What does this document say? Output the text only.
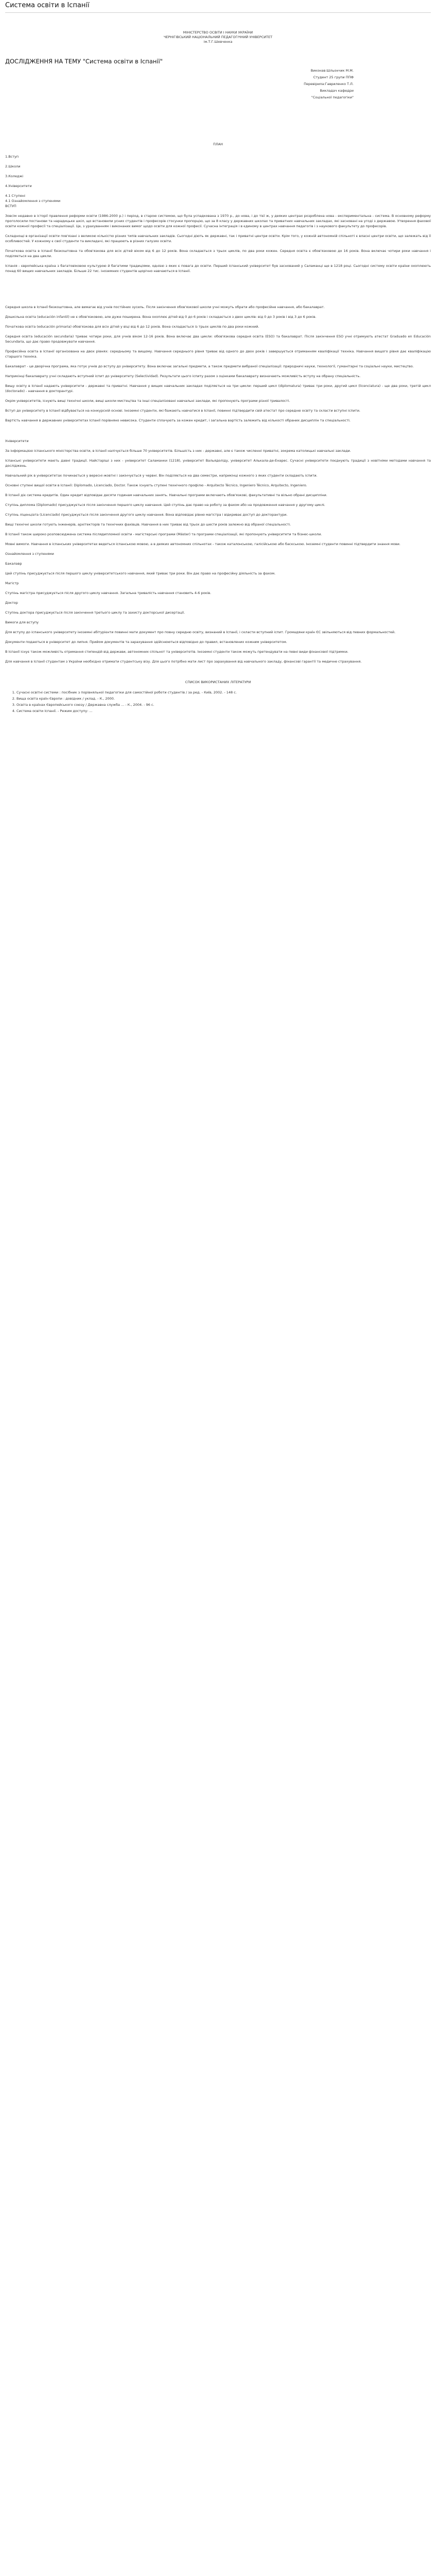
Система освіти в Іспанії
МІНІСТЕРСТВО ОСВІТИ І НАУКИ УКРАЇНИ
ЧЕРНІГІВСЬКИЙ НАЦІОНАЛЬНИЙ ПЕДАГОГІЧНИЙ УНІВЕРСИТЕТ
ім.Т.Г.Шевченка
ДОСЛІДЖЕННЯ НА ТЕМУ "Система освіти в Іспанії"
Виконав:Шльончик М.М.
Студент 25 групи ППФ
Перевірила:Гавриленко Т.Л.
Викладач кафедри
"Соціальної педагогіки"
ПЛАН
1.Вступ
2.Школи
3.Коледжі
4.Університети
4.1 Ступені
4.1 Ознайомлення з ступенями
ВСТУП

Зовсім недавно в історії правлення реформи освіти (1986-2000 р.) і період, в старою системою, що була успадкована з 1970 р., до нова, і до тієї ж, у деяких центрах розроблена нова - експериментальна - система. В основному реформу проголосили постанови та нарадицьке шкіл, що встановили усних студентів і професорів стосунки пропорцію, що за 8 класу у державних школах та приватних навчальних закладах, які засновані на угоді з державою. Утворення фахової освіти кожної професії та спеціалізації. Це, з урахуванням і виконаних вимог щодо освіти для кожної професії. Сучасна інтеграція і в єдиному в центрах навчання педагогів і з наукового факультету до професорів.

Складнощі в організації освіти пов'язані з великою кількістю різних типів навчальних закладів. Сьогодні діють як державні, так і приватні центри освіти. Крім того, у кожній автономній спільноті є власні центри освіти, що залежать від її особливостей. У кожному є свої студенти та викладачі, які працюють в різних галузях освіти.

Початкова освіта в Іспанії безкоштовна та обов'язкова для всіх дітей віком від 6 до 12 років. Вона складається з трьох циклів, по два роки кожен. Середня освіта є обов'язковою до 16 років. Вона включає чотири роки навчання і поділяється на два цикли.

Іспанія - європейська країна з багатовіковою культурою й багатими традиціями, однією з яких є повага до освіти. Перший іспанський університет був заснований у Саламанці ще в 1218 році. Сьогодні систему освіти країни охоплюють понад 60 вищих навчальних закладів. Більше 22 тис. іноземних студентів щорічно навчаються в Іспанії.

Середня школа в Іспанії безкоштовна, але вимагає від учнів постійних зусиль. Після закінчення обов'язкової школи учні можуть обрати або професійне навчання, або бакалаврат.

Дошкільна освіта (educación infantil) не є обов'язковою, але дуже поширена. Вона охоплює дітей від 0 до 6 років і складається з двох циклів: від 0 до 3 років і від 3 до 6 років.

Початкова освіта (educación primaria) обов'язкова для всіх дітей у віці від 6 до 12 років. Вона складається із трьох циклів по два роки кожний.

Середня освіта (educación secundaria) триває чотири роки, для учнів віком 12-16 років. Вона включає два цикли: обов'язкова середня освіта (ESO) та бакалаврат. Після закінчення ESO учні отримують атестат Graduado en Educación Secundaria, що дає право продовжувати навчання.

Професійна освіта в Іспанії організована на двох рівнях: середньому та вищому. Навчання середнього рівня триває від одного до двох років і завершується отриманням кваліфікації техніка. Навчання вищого рівня дає кваліфікацію старшого техніка.

Бакалаврат - це дворічна програма, яка готує учнів до вступу до університету. Вона включає загальні предмети, а також предмети вибраної спеціалізації: природничі науки, технології, гуманітарні та соціальні науки, мистецтво.

Наприкінці бакалаврату учні складають вступний іспит до університету (Selectividad). Результати цього іспиту разом з оцінками бакалаврату визначають можливість вступу на обрану спеціальність.

Вищу освіту в Іспанії надають університети - державні та приватні. Навчання у вищих навчальних закладах поділяється на три цикли: перший цикл (diplomatura) триває три роки, другий цикл (licenciatura) - ще два роки, третій цикл (doctorado) - навчання в докторантурі.

Окрім університетів, існують вищі технічні школи, вищі школи мистецтва та інші спеціалізовані навчальні заклади, які пропонують програми різної тривалості.

Вступ до університету в Іспанії відбувається на конкурсній основі. Іноземні студенти, які бажають навчатися в Іспанії, повинні підтвердити свій атестат про середню освіту та скласти вступні іспити.

Вартість навчання в державних університетах Іспанії порівняно невисока. Студенти сплачують за кожен кредит, і загальна вартість залежить від кількості обраних дисциплін та спеціальності.

Університети

За інформацією іспанського міністерства освіти, в Іспанії налічується більше 70 університетів. Більшість з них - державні, але є також численні приватні, зокрема католицькі навчальні заклади.

Іспанські університети мають давні традиції. Найстаріші з них - університет Саламанки (1218), університет Вальядоліду, університет Алькала-де-Енарес. Сучасні університети поєднують традиції з новітніми методами навчання та досліджень.

Навчальний рік в університетах починається у вересні-жовтні і закінчується у червні. Він поділяється на два семестри, наприкінці кожного з яких студенти складають іспити.

Основні ступені вищої освіти в Іспанії: Diplomado, Licenciado, Doctor. Також існують ступені технічного профілю - Arquitecto Técnico, Ingeniero Técnico, Arquitecto, Ingeniero.

В Іспанії діє система кредитів. Один кредит відповідає десяти годинам навчальних занять. Навчальні програми включають обов'язкові, факультативні та вільно обрані дисципліни.

Ступінь диплома (Diplomado) присуджується після закінчення першого циклу навчання. Цей ступінь дає право на роботу за фахом або на продовження навчання у другому циклі.

Ступінь ліценціата (Licenciado) присуджується після закінчення другого циклу навчання. Вона відповідає рівню магістра і відкриває доступ до докторантури.

Вищі технічні школи готують інженерів, архітекторів та технічних фахівців. Навчання в них триває від трьох до шести років залежно від обраної спеціальності.

В Іспанії також широко розповсюджена система післядипломної освіти - магістерські програми (Máster) та програми спеціалізації, які пропонують університети та бізнес-школи.

Мовні вимоги. Навчання в іспанських університетах ведеться іспанською мовою, а в деяких автономних спільнотах - також каталонською, галісійською або баскською. Іноземні студенти повинні підтвердити знання мови.

Ознайомлення з ступенями
Бакалавр

Цей ступінь присуджується після першого циклу університетського навчання, який триває три роки. Він дає право на професійну діяльність за фахом.

Магістр

Ступінь магістра присуджується після другого циклу навчання. Загальна тривалість навчання становить 4-6 років.

Доктор

Ступінь доктора присуджується після закінчення третього циклу та захисту докторської дисертації.

Вимоги для вступу

Для вступу до іспанського університету іноземні абітурієнти повинні мати документ про повну середню освіту, визнаний в Іспанії, і скласти вступний іспит. Громадяни країн ЄС звільняються від певних формальностей.

Документи подаються в університет до липня. Прийом документів та зарахування здійснюються відповідно до правил, встановлених кожним університетом.

В Іспанії існує також можливість отримання стипендій від держави, автономних спільнот та університетів. Іноземні студенти також можуть претендувати на певні види фінансової підтримки.

Для навчання в Іспанії студентам з України необхідно отримати студентську візу. Для цього потрібно мати лист про зарахування від навчального закладу, фінансові гарантії та медичне страхування.

СПИСОК ВИКОРИСТАНИХ ЛІТЕРАТУРИ
1. Сучасні освітні системи : посібник з порівняльної педагогіки для самостійної роботи студентів / за ред. - Київ, 2002. - 148 с.
2. Вища освіта країн Європи : довідник / уклад. - К., 2000.
3. Освіта в країнах Європейського союзу / Державна служба ... - К., 2004. - 96 с.
4. Система освіти Іспанії. - Режим доступу: ...
